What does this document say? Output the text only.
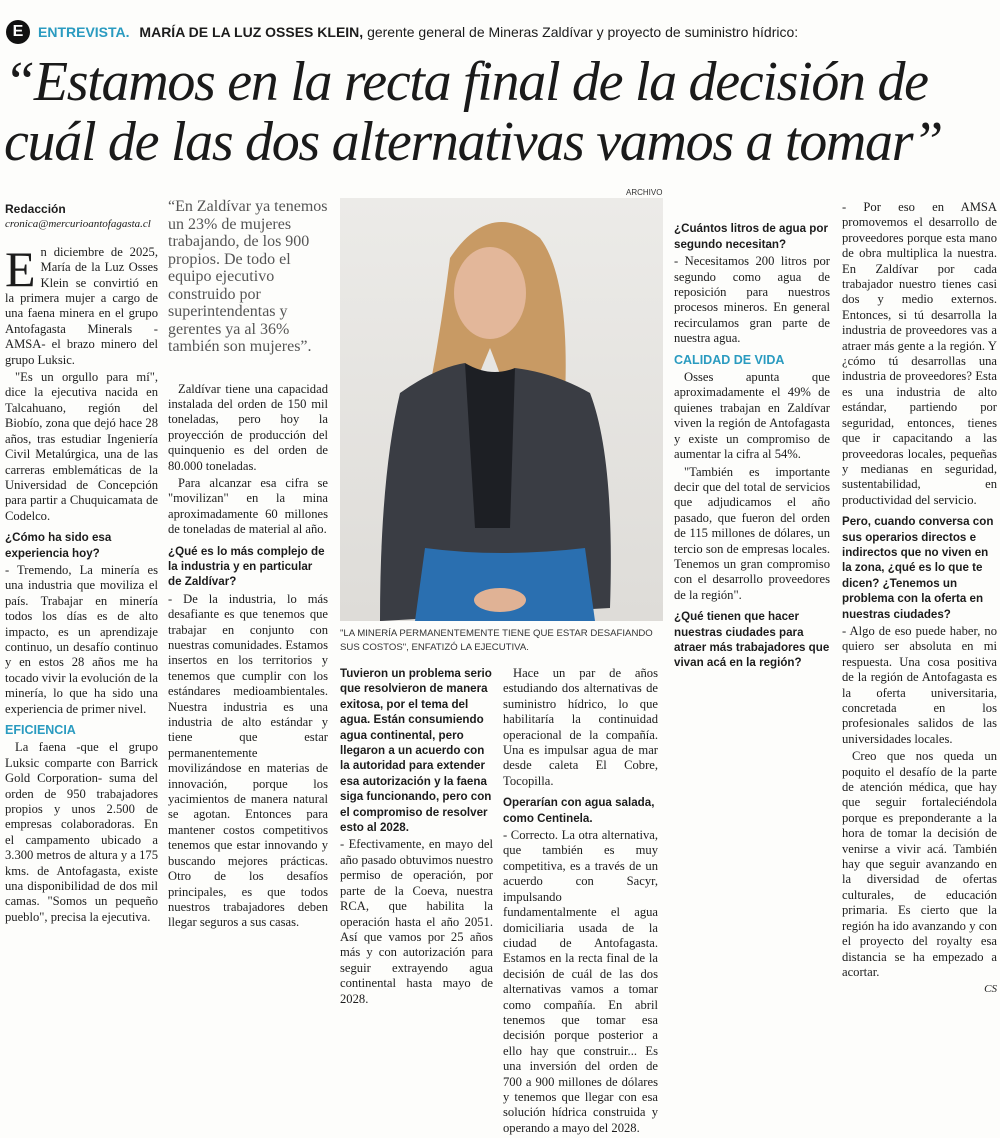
E	ENTREVISTA. MARÍA DE LA LUZ OSSES KLEIN, gerente general de Mineras Zaldívar y proyecto de suministro hídrico:
“Estamos en la recta final de la decisión de
cuál de las dos alternativas vamos a tomar”
Redacción
cronica@mercurioantofagasta.cl

E n diciembre de 2025, María de la Luz Osses Klein se convirtió en la primera mujer a cargo de una faena minera en el grupo Antofagasta Minerals -AMSA- el brazo minero del grupo Luksic.

"Es un orgullo para mí", dice la ejecutiva nacida en Talcahuano, región del Biobío, zona que dejó hace 28 años, tras estudiar Ingeniería Civil Metalúrgica, una de las carreras emblemáticas de la Universidad de Concepción para partir a Chuquicamata de Codelco.

¿Cómo ha sido esa experiencia hoy?

- Tremendo, La minería es una industria que moviliza el país. Trabajar en minería todos los días es de alto impacto, es un aprendizaje continuo, un desafío continuo y en estos 28 años me ha tocado vivir la evolución de la minería, lo que ha sido una experiencia de primer nivel.

EFICIENCIA

La faena -que el grupo Luksic comparte con Barrick Gold Corporation- suma del orden de 950 trabajadores propios y unos 2.500 de empresas colaboradoras. En el campamento ubicado a 3.300 metros de altura y a 175 kms. de Antofagasta, existe una disponibilidad de dos mil camas. "Somos un pequeño pueblo", precisa la ejecutiva.

“En Zaldívar ya tenemos un 23% de mujeres trabajando, de los 900 propios. De todo el equipo ejecutivo construido por superintendentas y gerentes ya al 36% también son mujeres”.

Zaldívar tiene una capacidad instalada del orden de 150 mil toneladas, pero hoy la proyección de producción del quinquenio es del orden de 80.000 toneladas.

Para alcanzar esa cifra se "movilizan" en la mina aproximadamente 60 millones de toneladas de material al año.

¿Qué es lo más complejo de la industria y en particular de Zaldívar?

- De la industria, lo más desafiante es que tenemos que trabajar en conjunto con nuestras comunidades. Estamos insertos en los territorios y tenemos que cumplir con los estándares medioambientales. Nuestra industria es una industria de alto estándar y tiene que estar permanentemente movilizándose en materias de innovación, porque los yacimientos de manera natural se agotan. Entonces para mantener costos competitivos tenemos que estar innovando y buscando mejores prácticas. Otro de los desafíos principales, es que todos nuestros trabajadores deben llegar seguros a sus casas.

ARCHIVO
"LA MINERÍA PERMANENTEMENTE TIENE QUE ESTAR DESAFIANDO SUS COSTOS", ENFATIZÓ LA EJECUTIVA.
Tuvieron un problema serio que resolvieron de manera exitosa, por el tema del agua. Están consumiendo agua continental, pero llegaron a un acuerdo con la autoridad para extender esa autorización y la faena siga funcionando, pero con el compromiso de resolver esto al 2028.

- Efectivamente, en mayo del año pasado obtuvimos nuestro permiso de operación, por parte de la Coeva, nuestra RCA, que habilita la operación hasta el año 2051. Así que vamos por 25 años más y con autorización para seguir extrayendo agua continental hasta mayo de 2028.

Hace un par de años estudiando dos alternativas de suministro hídrico, lo que habilitaría la continuidad operacional de la compañía. Una es impulsar agua de mar desde caleta El Cobre, Tocopilla.

Operarían con agua salada, como Centinela.

- Correcto. La otra alternativa, que también es muy competitiva, es a través de un acuerdo con Sacyr, impulsando fundamentalmente el agua domiciliaria usada de la ciudad de Antofagasta. Estamos en la recta final de la decisión de cuál de las dos alternativas vamos a tomar como compañía. En abril tenemos que tomar esa decisión porque posterior a ello hay que construir... Es una inversión del orden de 700 a 900 millones de dólares y tenemos que llegar con esa solución hídrica construida y operando a mayo del 2028.

¿Cuántos litros de agua por segundo necesitan?

- Necesitamos 200 litros por segundo como agua de reposición para nuestros procesos mineros. En general recirculamos gran parte de nuestra agua.

CALIDAD DE VIDA

Osses apunta que aproximadamente el 49% de quienes trabajan en Zaldívar viven la región de Antofagasta y existe un compromiso de aumentar la cifra al 54%.

"También es importante decir que del total de servicios que adjudicamos el año pasado, que fueron del orden de 115 millones de dólares, un tercio son de empresas locales. Tenemos un gran compromiso con el desarrollo proveedores de la región".

¿Qué tienen que hacer nuestras ciudades para atraer más trabajadores que vivan acá en la región?

- Por eso en AMSA promovemos el desarrollo de proveedores porque esta mano de obra multiplica la nuestra. En Zaldívar por cada trabajador nuestro tienes casi dos y medio externos. Entonces, si tú desarrolla la industria de proveedores vas a atraer más gente a la región. Y ¿cómo tú desarrollas una industria de proveedores? Esta es una industria de alto estándar, partiendo por seguridad, entonces, tienes que ir capacitando a las proveedoras locales, pequeñas y medianas en seguridad, sustentabilidad, en productividad del servicio.

Pero, cuando conversa con sus operarios directos e indirectos que no viven en la zona, ¿qué es lo que te dicen? ¿Tenemos un problema con la oferta en nuestras ciudades?

- Algo de eso puede haber, no quiero ser absoluta en mi respuesta. Una cosa positiva de la región de Antofagasta es la oferta universitaria, concretada en los profesionales salidos de las universidades locales.

Creo que nos queda un poquito el desafío de la parte de atención médica, que hay que seguir fortaleciéndola porque es preponderante a la hora de tomar la decisión de venirse a vivir acá. También hay que seguir avanzando en la diversidad de ofertas culturales, de educación primaria. Es cierto que la región ha ido avanzando y con el proyecto del royalty esa distancia se ha empezado a acortar.

CS
